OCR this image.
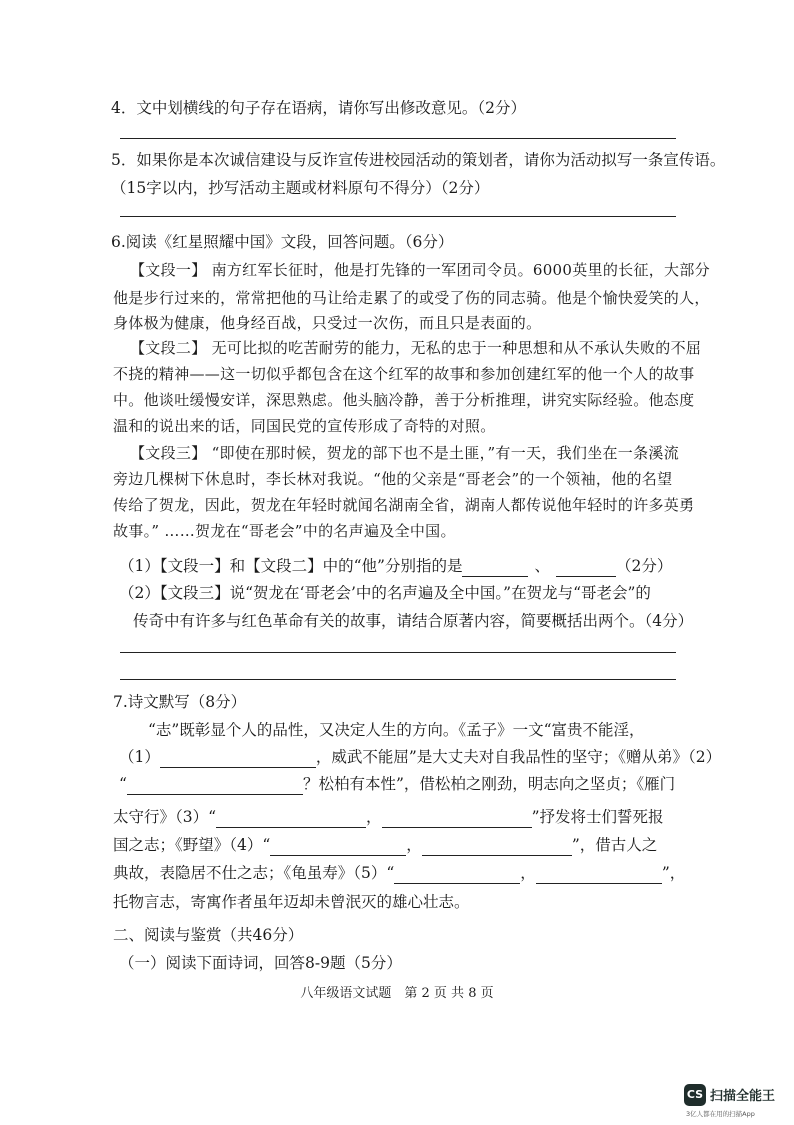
4．文中划横线的句子存在语病，请你写出修改意见。（2分）
5．如果你是本次诚信建设与反诈宣传进校园活动的策划者，请你为活动拟写一条宣传语。
（15字以内，抄写活动主题或材料原句不得分）（2分）
6.阅读《红星照耀中国》文段，回答问题。（6分）
【文段一】 南方红军长征时，他是打先锋的一军团司令员。6000英里的长征，大部分
他是步行过来的，常常把他的马让给走累了的或受了伤的同志骑。他是个愉快爱笑的人，
身体极为健康，他身经百战，只受过一次伤，而且只是表面的。
【文段二】 无可比拟的吃苦耐劳的能力，无私的忠于一种思想和从不承认失败的不屈
不挠的精神——这一切似乎都包含在这个红军的故事和参加创建红军的他一个人的故事
中。他谈吐缓慢安详，深思熟虑。他头脑冷静，善于分析推理，讲究实际经验。他态度
温和的说出来的话，同国民党的宣传形成了奇特的对照。
【文段三】 “即使在那时候，贺龙的部下也不是土匪，”有一天，我们坐在一条溪流
旁边几棵树下休息时，李长林对我说。“他的父亲是“哥老会”的一个领袖，他的名望
传给了贺龙，因此，贺龙在年轻时就闻名湖南全省，湖南人都传说他年轻时的许多英勇
故事。” ……贺龙在“哥老会”中的名声遍及全中国。
（1）【文段一】和【文段二】中的“他”分别指的是	、	（2分）
（2）【文段三】说“贺龙在‘哥老会’中的名声遍及全中国。”在贺龙与“哥老会”的
传奇中有许多与红色革命有关的故事，请结合原著内容，简要概括出两个。（4分）
7.诗文默写（8分）
“志”既彰显个人的品性，又决定人生的方向。《孟子》一文“富贵不能淫，
（1）	，威武不能屈”是大丈夫对自我品性的坚守；《赠从弟》（2）
“	？松柏有本性”，借松柏之刚劲，明志向之坚贞；《雁门
太守行》（3）“	，	”抒发将士们誓死报
国之志；《野望》（4）“	，	”，借古人之
典故，表隐居不仕之志；《龟虽寿》（5）“	，	”，
托物言志，寄寓作者虽年迈却未曾泯灭的雄心壮志。
二、阅读与鉴赏（共46分）
（一）阅读下面诗词，回答8-9题（5分）
八年级语文试题　第 2 页 共 8 页
CS 扫描全能王
3亿人都在用的扫描App
